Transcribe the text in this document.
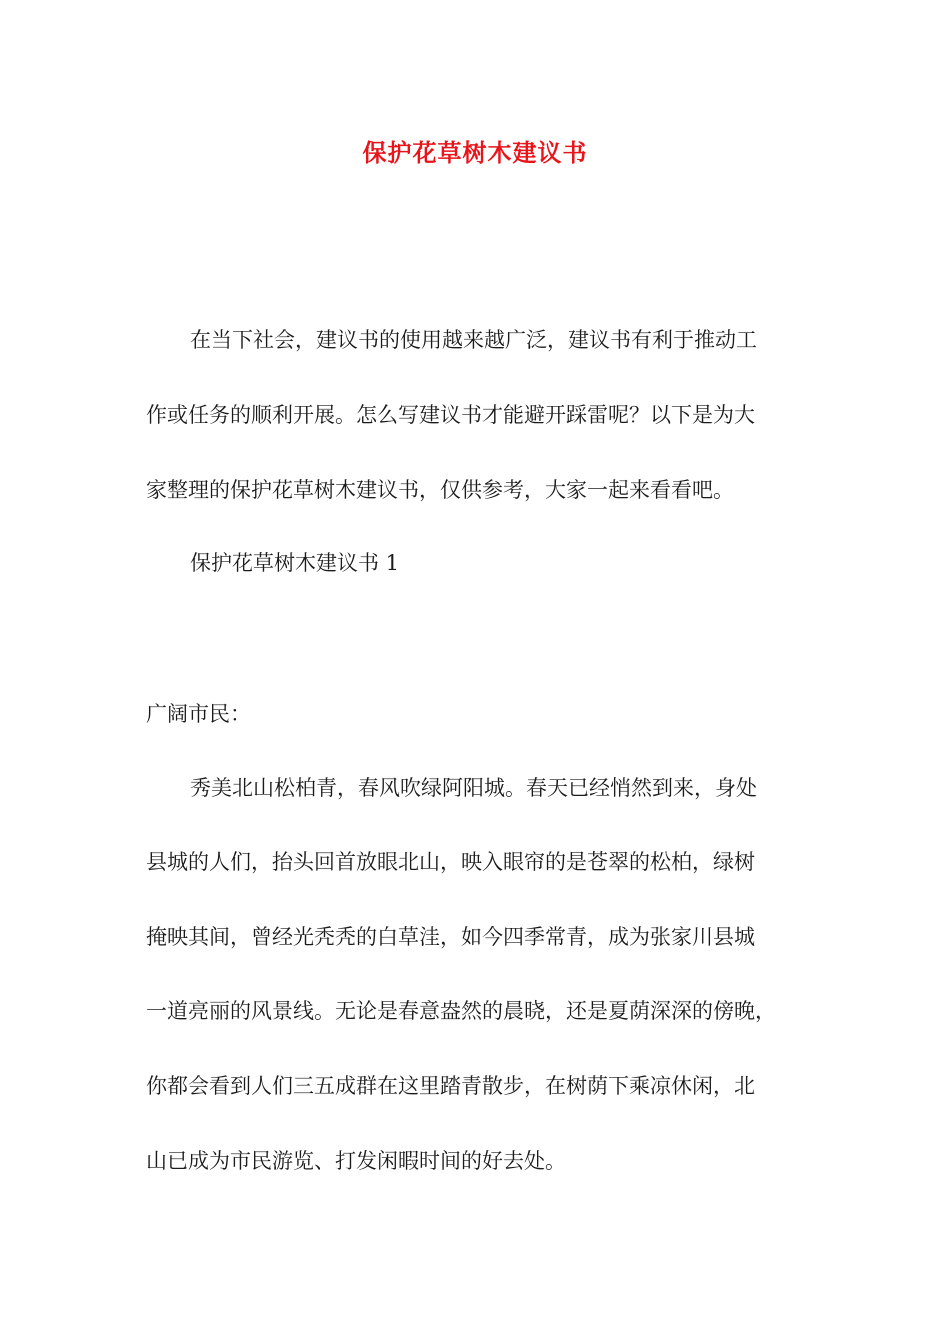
保护花草树木建议书
在当下社会，建议书的使用越来越广泛，建议书有利于推动工
作或任务的顺利开展。怎么写建议书才能避开踩雷呢？以下是为大
家整理的保护花草树木建议书，仅供参考，大家一起来看看吧。
保护花草树木建议书 1
广阔市民：
秀美北山松柏青，春风吹绿阿阳城。春天已经悄然到来，身处
县城的人们，抬头回首放眼北山，映入眼帘的是苍翠的松柏，绿树
掩映其间，曾经光秃秃的白草洼，如今四季常青，成为张家川县城
一道亮丽的风景线。无论是春意盎然的晨晓，还是夏荫深深的傍晚，
你都会看到人们三五成群在这里踏青散步，在树荫下乘凉休闲，北
山已成为市民游览、打发闲暇时间的好去处。
